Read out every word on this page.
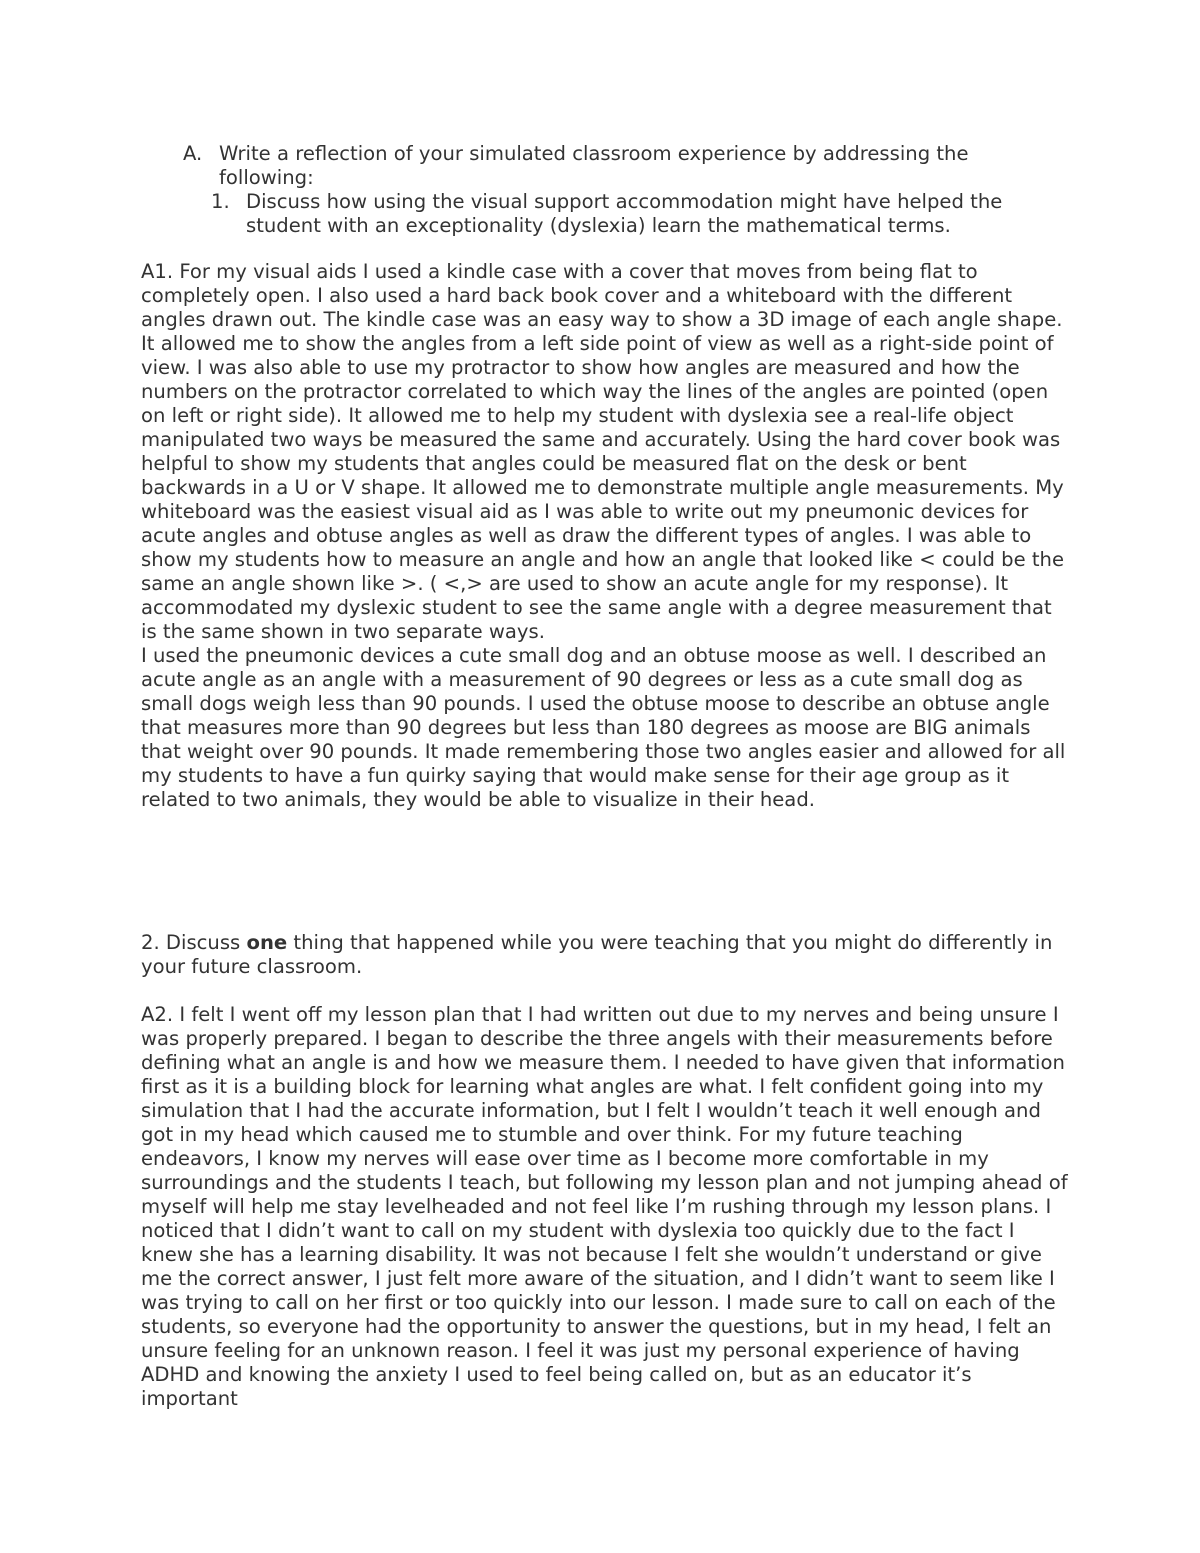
A. Write a reflection of your simulated classroom experience by addressing the following:
1. Discuss how using the visual support accommodation might have helped the student with an exceptionality (dyslexia) learn the mathematical terms.

A1. For my visual aids I used a kindle case with a cover that moves from being flat to completely open. I also used a hard back book cover and a whiteboard with the different angles drawn out. The kindle case was an easy way to show a 3D image of each angle shape. It allowed me to show the angles from a left side point of view as well as a right-side point of view. I was also able to use my protractor to show how angles are measured and how the numbers on the protractor correlated to which way the lines of the angles are pointed (open on left or right side). It allowed me to help my student with dyslexia see a real-life object manipulated two ways be measured the same and accurately. Using the hard cover book was helpful to show my students that angles could be measured flat on the desk or bent backwards in a U or V shape. It allowed me to demonstrate multiple angle measurements. My whiteboard was the easiest visual aid as I was able to write out my pneumonic devices for acute angles and obtuse angles as well as draw the different types of angles. I was able to show my students how to measure an angle and how an angle that looked like < could be the same an angle shown like >. ( <,> are used to show an acute angle for my response). It accommodated my dyslexic student to see the same angle with a degree measurement that is the same shown in two separate ways.

I used the pneumonic devices a cute small dog and an obtuse moose as well. I described an acute angle as an angle with a measurement of 90 degrees or less as a cute small dog as small dogs weigh less than 90 pounds. I used the obtuse moose to describe an obtuse angle that measures more than 90 degrees but less than 180 degrees as moose are BIG animals that weight over 90 pounds. It made remembering those two angles easier and allowed for all my students to have a fun quirky saying that would make sense for their age group as it related to two animals, they would be able to visualize in their head.

2. Discuss one thing that happened while you were teaching that you might do differently in your future classroom.

A2. I felt I went off my lesson plan that I had written out due to my nerves and being unsure I was properly prepared. I began to describe the three angels with their measurements before defining what an angle is and how we measure them. I needed to have given that information first as it is a building block for learning what angles are what. I felt confident going into my simulation that I had the accurate information, but I felt I wouldn’t teach it well enough and got in my head which caused me to stumble and over think. For my future teaching endeavors, I know my nerves will ease over time as I become more comfortable in my surroundings and the students I teach, but following my lesson plan and not jumping ahead of myself will help me stay levelheaded and not feel like I’m rushing through my lesson plans. I noticed that I didn’t want to call on my student with dyslexia too quickly due to the fact I knew she has a learning disability. It was not because I felt she wouldn’t understand or give me the correct answer, I just felt more aware of the situation, and I didn’t want to seem like I was trying to call on her first or too quickly into our lesson. I made sure to call on each of the students, so everyone had the opportunity to answer the questions, but in my head, I felt an unsure feeling for an unknown reason. I feel it was just my personal experience of having ADHD and knowing the anxiety I used to feel being called on, but as an educator it’s important
